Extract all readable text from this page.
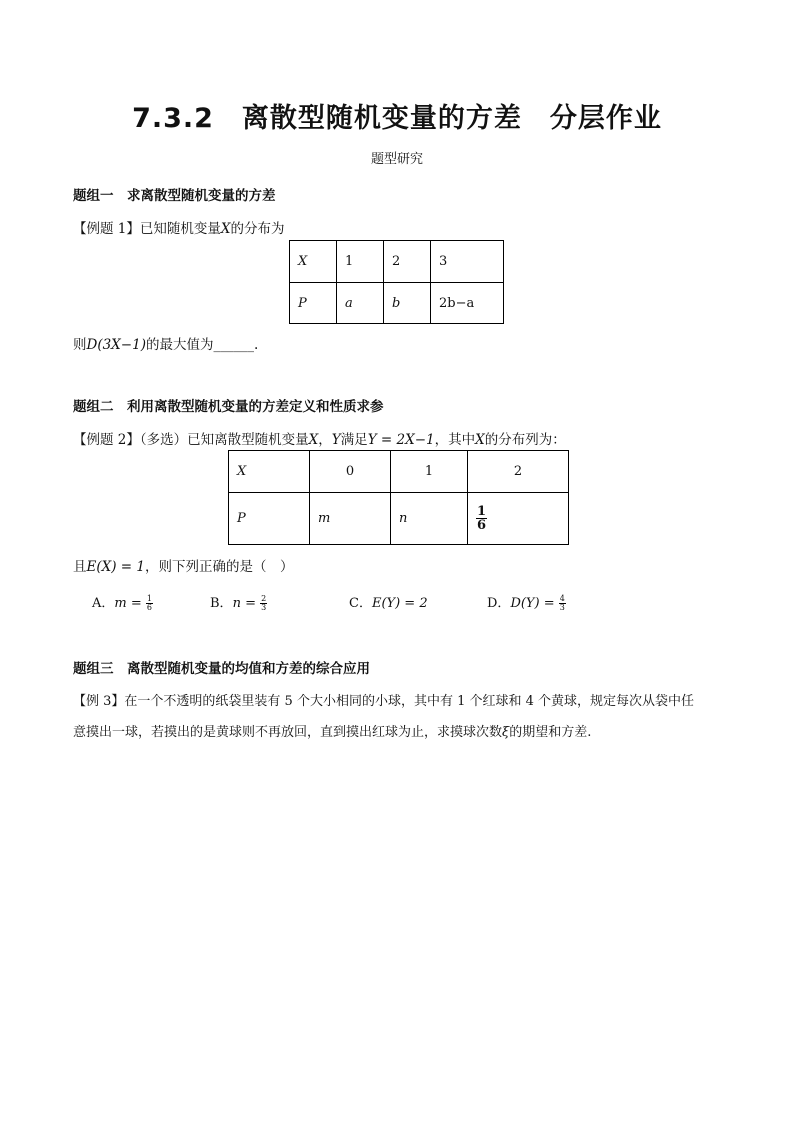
7.3.2　离散型随机变量的方差　分层作业
题型研究
题组一　求离散型随机变量的方差
【例题 1】已知随机变量X的分布为
X	1	2	3
P	a	b	2b−a
则D(3X−1)的最大值为______.
题组二　利用离散型随机变量的方差定义和性质求参
【例题 2】（多选）已知离散型随机变量X，Y满足Y = 2X−1，其中X的分布列为：
X	0	1	2
P	m	n	$\frac{1}{6}$
且E(X) = 1，则下列正确的是（　）
A．$m = \frac{1}{6}$	B．$n = \frac{2}{3}$	C．E(Y) = 2	D．$D(Y) = \frac{4}{3}$
题组三　离散型随机变量的均值和方差的综合应用
【例 3】在一个不透明的纸袋里装有 5 个大小相同的小球，其中有 1 个红球和 4 个黄球，规定每次从袋中任
意摸出一球，若摸出的是黄球则不再放回，直到摸出红球为止，求摸球次数ξ的期望和方差.
